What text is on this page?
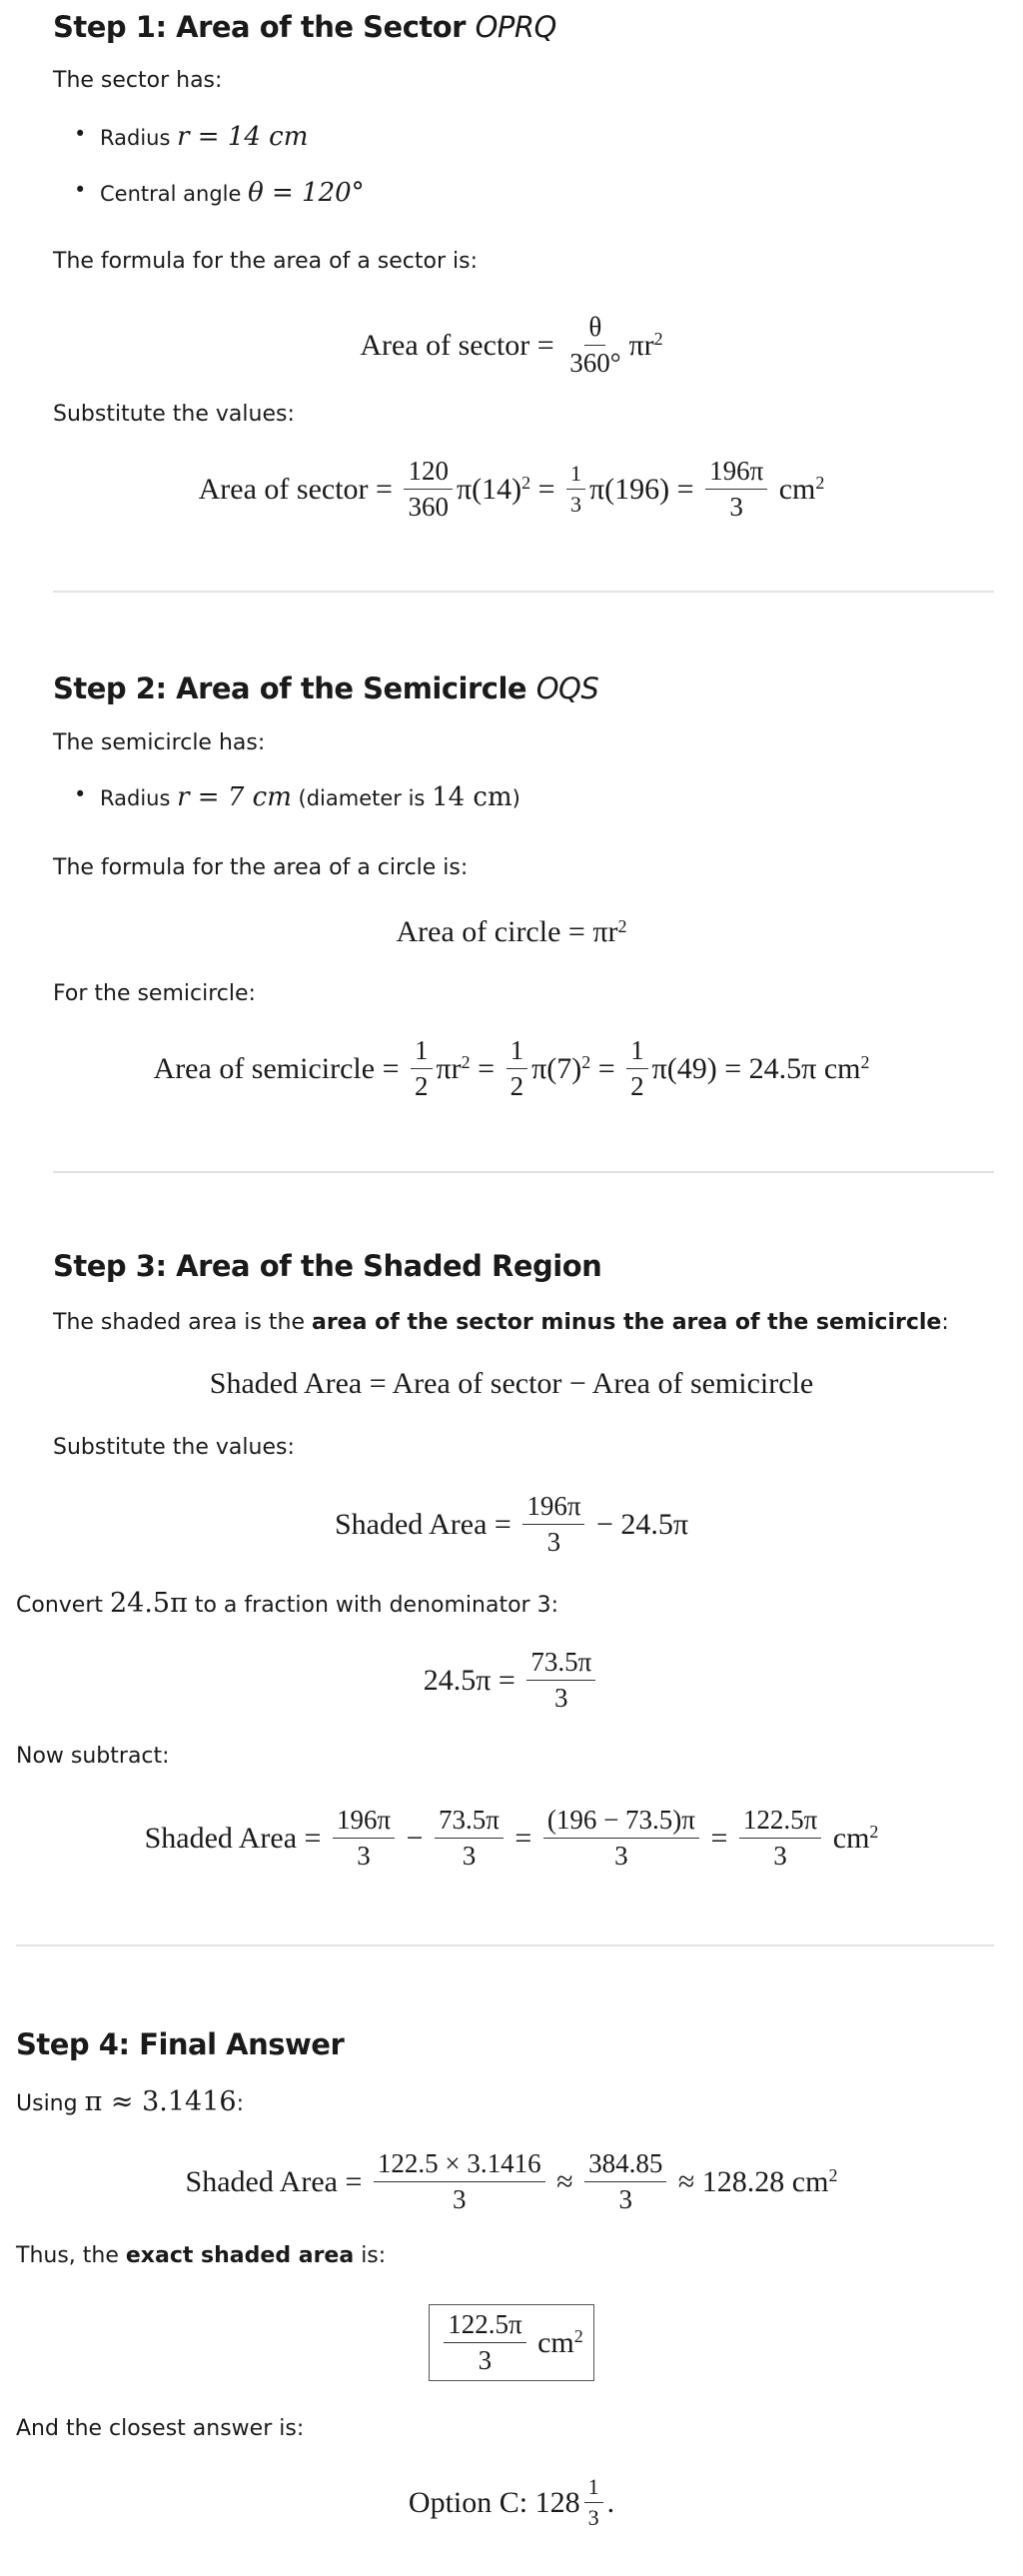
Step 1: Area of the Sector OPRQ
The sector has:
• Radius r = 14 cm
• Central angle θ = 120°
The formula for the area of a sector is:
Area of sector = $\frac{\theta}{360^\circ} \pi r^2$
Substitute the values:
Area of sector = $\frac{120}{360} \pi(14)^2 = \frac{1}{3} \pi(196) = \frac{196\pi}{3} cm^2$
Step 2: Area of the Semicircle OQS
The semicircle has:
• Radius r = 7 cm (diameter is 14 cm)
The formula for the area of a circle is:
Area of circle = $\pi r^2$
For the semicircle:
Area of semicircle = $\frac{1}{2} \pi r^2 = \frac{1}{2} \pi(7)^2 = \frac{1}{2} \pi(49) = 24.5\pi$ $cm^2$
Step 3: Area of the Shaded Region
The shaded area is the area of the sector minus the area of the semicircle:
Shaded Area = Area of sector − Area of semicircle
Substitute the values:
Shaded Area = $\frac{196\pi}{3} - 24.5\pi$
Convert 24.5π to a fraction with denominator 3:
$24.5\pi = \frac{73.5\pi}{3}$
Now subtract:
Shaded Area = $\frac{196\pi}{3} - \frac{73.5\pi}{3} = \frac{(196 - 73.5)\pi}{3} = \frac{122.5\pi}{3} cm^2$
Step 4: Final Answer
Using π ≈ 3.1416:
Shaded Area = $\frac{122.5 \times 3.1416}{3} \approx \frac{384.85}{3} \approx 128.28$ $cm^2$
Thus, the exact shaded area is:
$\frac{122.5\pi}{3} cm^2$
And the closest answer is:
Option C: $128 \frac{1}{3}$ .
